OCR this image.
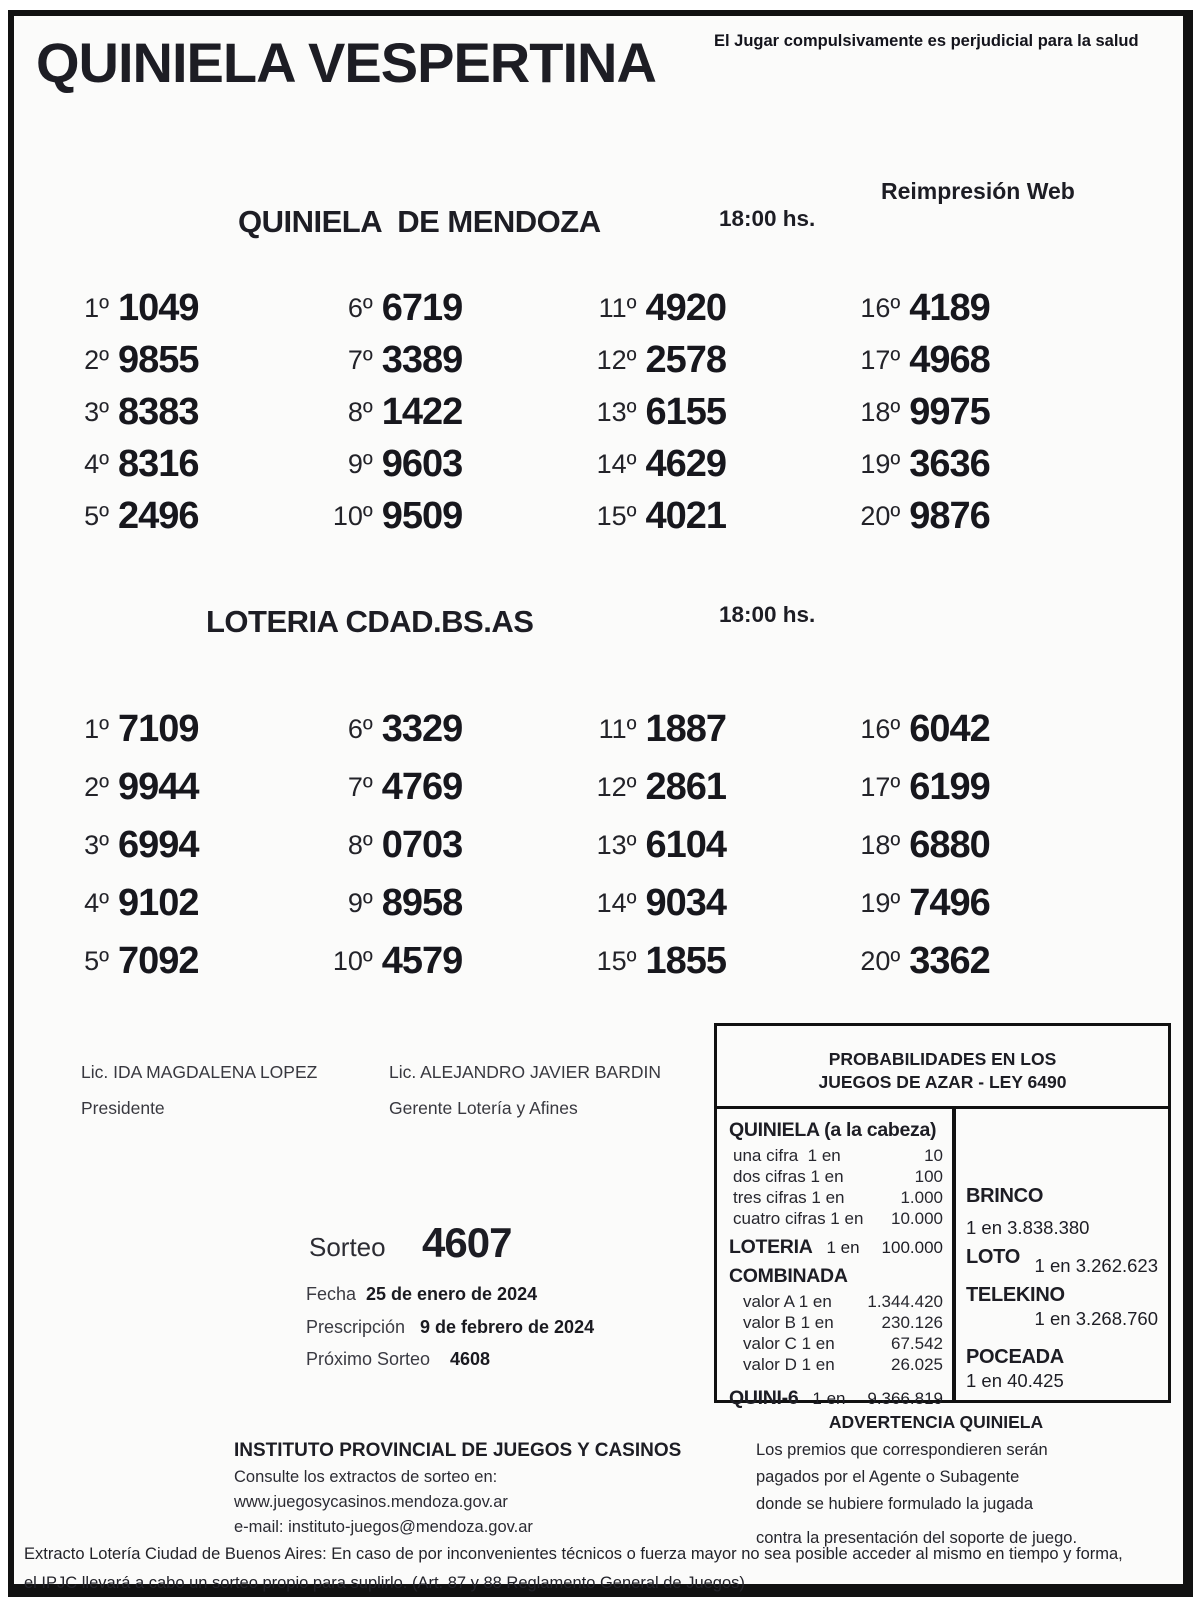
QUINIELA VESPERTINA	El Jugar compulsivamente es perjudicial para la salud
Reimpresión Web
QUINIELA  DE MENDOZA	18:00 hs.
1º 1049
2º 9855
3º 8383
4º 8316
5º 2496
6º 6719
7º 3389
8º 1422
9º 9603
10º 9509
11º 4920
12º 2578
13º 6155
14º 4629
15º 4021
16º 4189
17º 4968
18º 9975
19º 3636
20º 9876
LOTERIA CDAD.BS.AS	18:00 hs.
1º 7109
2º 9944
3º 6994
4º 9102
5º 7092
6º 3329
7º 4769
8º 0703
9º 8958
10º 4579
11º 1887
12º 2861
13º 6104
14º 9034
15º 1855
16º 6042
17º 6199
18º 6880
19º 7496
20º 3362
Lic. IDA MAGDALENA LOPEZ
Presidente
Lic. ALEJANDRO JAVIER BARDIN
Gerente Lotería y Afines
Sorteo 4607
Fecha 25 de enero de 2024
Prescripción 9 de febrero de 2024
Próximo Sorteo 4608
PROBABILIDADES EN LOS
JUEGOS DE AZAR - LEY 6490
QUINIELA (a la cabeza)
una cifra  1 en	10
dos cifras 1 en	100
tres cifras 1 en	1.000
cuatro cifras 1 en 10.000
LOTERIA 1 en 100.000
COMBINADA
valor A 1 en 1.344.420
valor B 1 en	230.126
valor C 1 en	67.542
valor D 1 en	26.025
QUINI-6 1 en 9.366.819
BRINCO
1 en 3.838.380
LOTO 1 en 3.262.623
TELEKINO
1 en 3.268.760
POCEADA
1 en 40.425
INSTITUTO PROVINCIAL DE JUEGOS Y CASINOS
Consulte los extractos de sorteo en:
www.juegosycasinos.mendoza.gov.ar
e-mail: instituto-juegos@mendoza.gov.ar
ADVERTENCIA QUINIELA
Los premios que correspondieren serán
pagados por el Agente o Subagente
donde se hubiere formulado la jugada
contra la presentación del soporte de juego.
Extracto Lotería Ciudad de Buenos Aires: En caso de por inconvenientes técnicos o fuerza mayor no sea posible acceder al mismo en tiempo y forma, el IPJC llevará a cabo un sorteo propio para suplirlo. (Art. 87 y 88 Reglamento General de Juegos)
